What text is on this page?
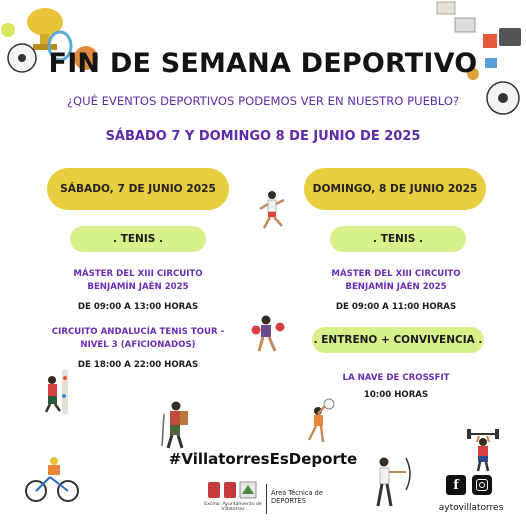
FIN DE SEMANA DEPORTIVO
¿QUÉ EVENTOS DEPORTIVOS PODEMOS VER EN NUESTRO PUEBLO?
SÁBADO 7 Y DOMINGO 8 DE JUNIO DE 2025
SÁBADO, 7 DE JUNIO 2025
. TENIS .
MÁSTER DEL XIII CIRCUITO BENJAMÍN JAÉN 2025
DE 09:00 A 13:00 HORAS
CIRCUITO ANDALUCÍA TENIS TOUR - NIVEL 3 (AFICIONADOS)
DE 18:00 A 22:00 HORAS
DOMINGO, 8 DE JUNIO 2025
. TENIS .
MÁSTER DEL XIII CIRCUITO BENJAMÍN JAÉN 2025
DE 09:00 A 11:00 HORAS
. ENTRENO + CONVIVENCIA .
LA NAVE DE CROSSFIT
10:00 HORAS
#VillatorresEsDeporte
Excmo. Ayuntamiento de
Villatorres
Área Técnica de
DEPORTES
f
aytovillatorres
